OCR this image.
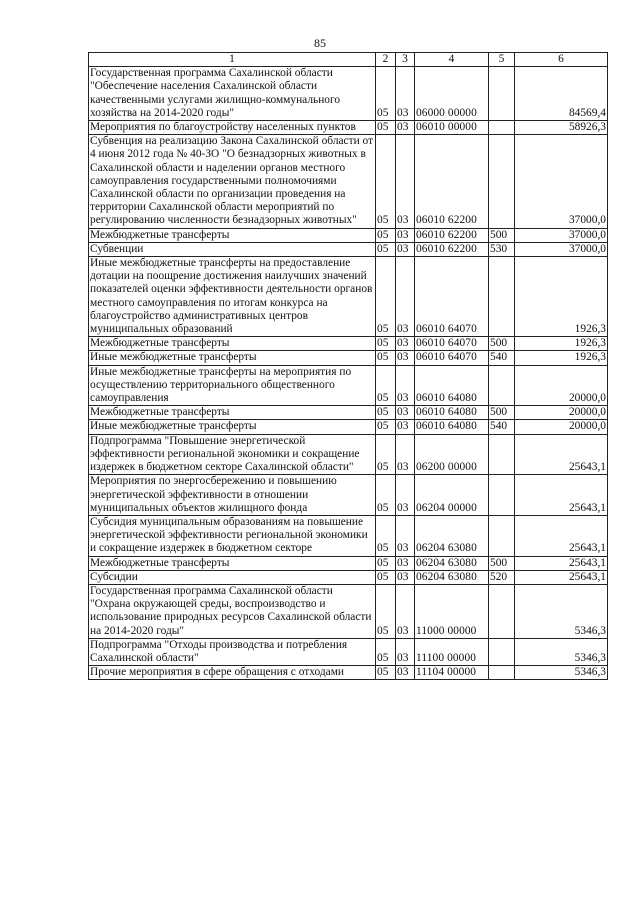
85
1	2	3	4	5	6
Государственная программа Сахалинской области "Обеспечение населения Сахалинской области качественными услугами жилищно-коммунального хозяйства на 2014-2020 годы"	05	03	06000 00000		84569,4
Мероприятия по благоустройству населенных пунктов	05	03	06010 00000		58926,3
Субвенция на реализацию Закона Сахалинской области от 4 июня 2012 года № 40-ЗО "О безнадзорных животных в Сахалинской области и наделении органов местного самоуправления государственными полномочиями Сахалинской области по организации проведения на территории Сахалинской области мероприятий по регулированию численности безнадзорных животных"	05	03	06010 62200		37000,0
Межбюджетные трансферты	05	03	06010 62200	500	37000,0
Субвенции	05	03	06010 62200	530	37000,0
Иные межбюджетные трансферты на предоставление дотации на поощрение достижения наилучших значений показателей оценки эффективности деятельности органов местного самоуправления по итогам конкурса на благоустройство административных центров муниципальных образований	05	03	06010 64070		1926,3
Межбюджетные трансферты	05	03	06010 64070	500	1926,3
Иные межбюджетные трансферты	05	03	06010 64070	540	1926,3
Иные межбюджетные трансферты на мероприятия по осуществлению территориального общественного самоуправления	05	03	06010 64080		20000,0
Межбюджетные трансферты	05	03	06010 64080	500	20000,0
Иные межбюджетные трансферты	05	03	06010 64080	540	20000,0
Подпрограмма "Повышение энергетической эффективности региональной экономики и сокращение издержек в бюджетном секторе Сахалинской области"	05	03	06200 00000		25643,1
Мероприятия по энергосбережению и повышению энергетической эффективности в отношении муниципальных объектов жилищного фонда	05	03	06204 00000		25643,1
Субсидия муниципальным образованиям на повышение энергетической эффективности региональной экономики и сокращение издержек в бюджетном секторе	05	03	06204 63080		25643,1
Межбюджетные трансферты	05	03	06204 63080	500	25643,1
Субсидии	05	03	06204 63080	520	25643,1
Государственная программа Сахалинской области "Охрана окружающей среды, воспроизводство и использование природных ресурсов Сахалинской области на 2014-2020 годы"	05	03	11000 00000		5346,3
Подпрограмма "Отходы производства и потребления Сахалинской области"	05	03	11100 00000		5346,3
Прочие мероприятия в сфере обращения с отходами	05	03	11104 00000		5346,3
